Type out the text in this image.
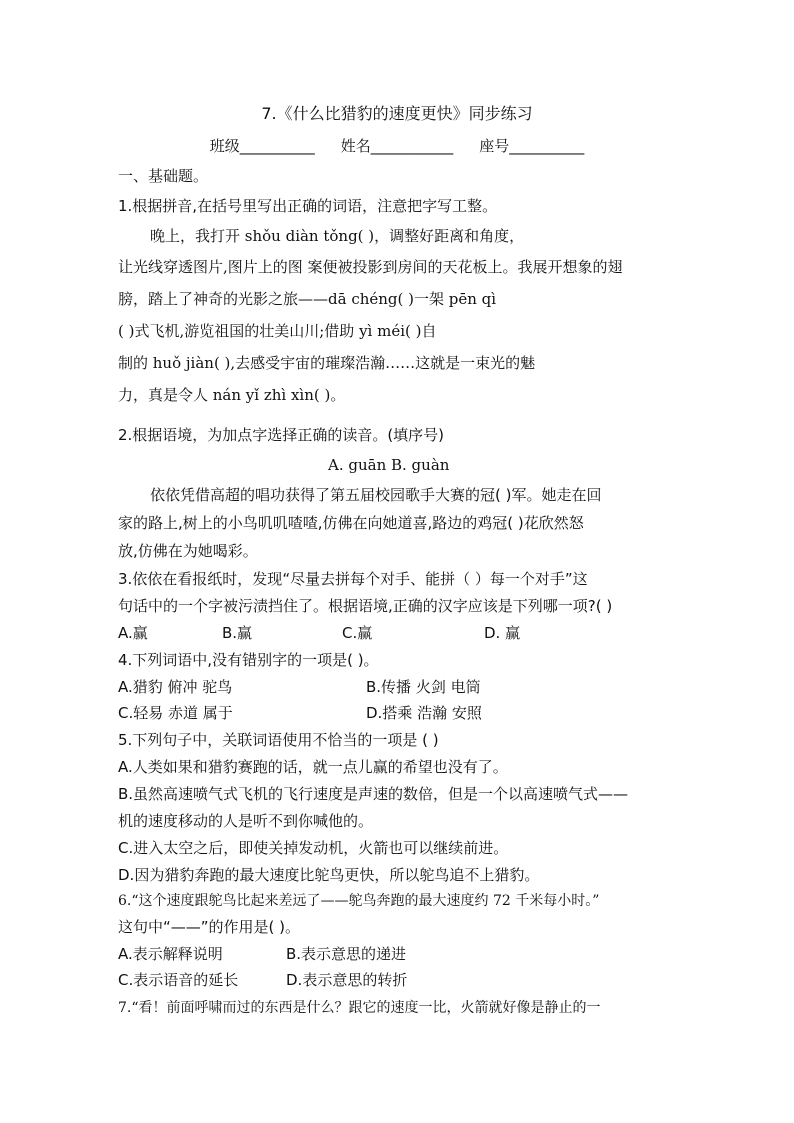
7.《什么比猎豹的速度更快》同步练习
班级__________ 姓名___________ 座号__________
一、基础题。
1.根据拼音,在括号里写出正确的词语，注意把字写工整。
晚上，我打开 shǒu diàn tǒng( )，调整好距离和角度，
让光线穿透图片,图片上的图 案便被投影到房间的天花板上。我展开想象的翅
膀，踏上了神奇的光影之旅——dā chéng( )一架 pēn qì
( )式飞机,游览祖国的壮美山川;借助 yì méi( )自
制的 huǒ jiàn( ),去感受宇宙的璀璨浩瀚……这就是一束光的魅
力，真是令人 nán yǐ zhì xìn( )。
2.根据语境，为加点字选择正确的读音。(填序号)
A. guān B. guàn
依依凭借高超的唱功获得了第五届校园歌手大赛的冠( )军。她走在回
家的路上,树上的小鸟叽叽喳喳,仿佛在向她道喜,路边的鸡冠( )花欣然怒
放,仿佛在为她喝彩。
3.依依在看报纸时，发现“尽量去拼每个对手、能拼（ ）每一个对手”这
句话中的一个字被污渍挡住了。根据语境,正确的汉字应该是下列哪一项?( )
A.赢	B.赢	C.赢	D. 赢
4.下列词语中,没有错别字的一项是( )。
A.猎豹 俯冲 驼鸟	B.传播 火剑 电筒
C.轻易 赤道 属于	D.搭乘 浩瀚 安照
5.下列句子中，关联词语使用不恰当的一项是 ( )
A.人类如果和猎豹赛跑的话，就一点儿赢的希望也没有了。
B.虽然高速喷气式飞机的飞行速度是声速的数倍，但是一个以高速喷气式——
机的速度移动的人是听不到你喊他的。
C.进入太空之后，即使关掉发动机，火箭也可以继续前进。
D.因为猎豹奔跑的最大速度比鸵鸟更快，所以鸵鸟追不上猎豹。
6.“这个速度跟鸵鸟比起来差远了——鸵鸟奔跑的最大速度约 72 千米每小时。”
这句中“——”的作用是( )。
A.表示解释说明	B.表示意思的递进
C.表示语音的延长	D.表示意思的转折
7.“看！前面呼啸而过的东西是什么？跟它的速度一比，火箭就好像是静止的一
